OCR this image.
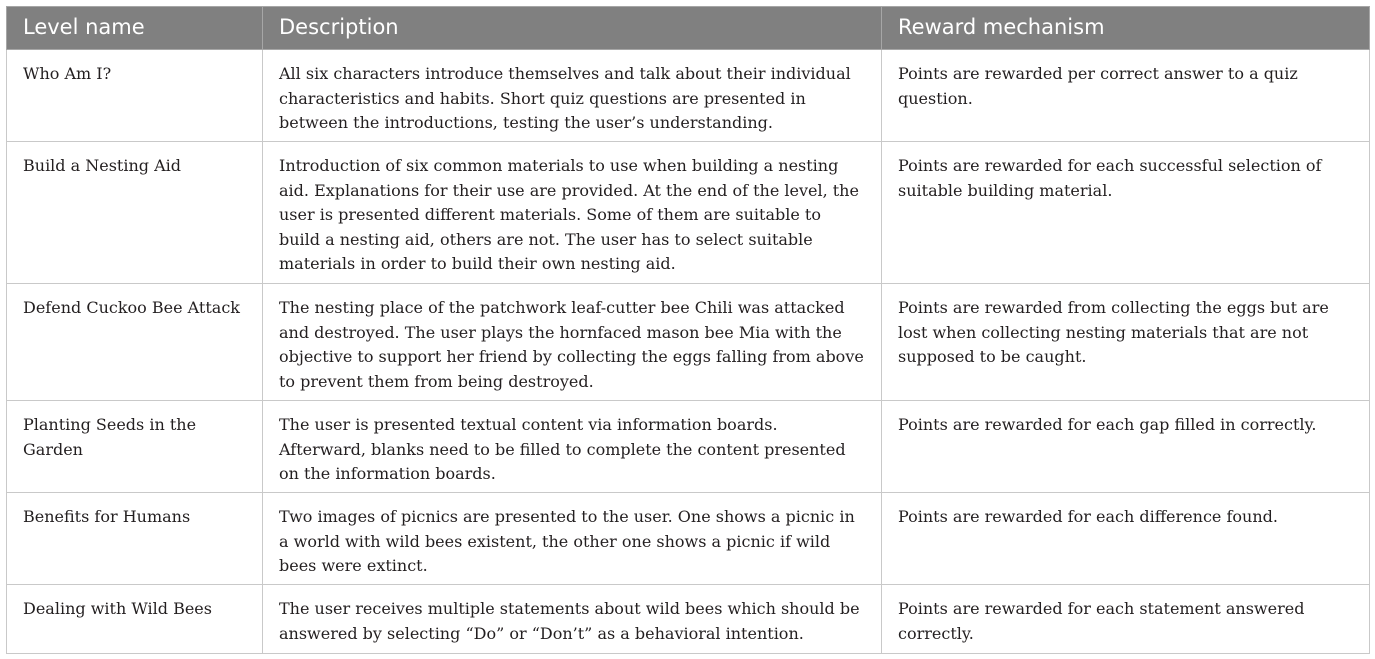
Level name	Description	Reward mechanism
Who Am I?	All six characters introduce themselves and talk about their individual characteristics and habits. Short quiz questions are presented in between the introductions, testing the user’s understanding.	Points are rewarded per correct answer to a quiz question.
Build a Nesting Aid	Introduction of six common materials to use when building a nesting aid. Explanations for their use are provided. At the end of the level, the user is presented different materials. Some of them are suitable to build a nesting aid, others are not. The user has to select suitable materials in order to build their own nesting aid.	Points are rewarded for each successful selection of suitable building material.
Defend Cuckoo Bee Attack	The nesting place of the patchwork leaf-cutter bee Chili was attacked and destroyed. The user plays the hornfaced mason bee Mia with the objective to support her friend by collecting the eggs falling from above to prevent them from being destroyed.	Points are rewarded from collecting the eggs but are lost when collecting nesting materials that are not supposed to be caught.
Planting Seeds in the Garden	The user is presented textual content via information boards. Afterward, blanks need to be filled to complete the content presented on the information boards.	Points are rewarded for each gap filled in correctly.
Benefits for Humans	Two images of picnics are presented to the user. One shows a picnic in a world with wild bees existent, the other one shows a picnic if wild bees were extinct.	Points are rewarded for each difference found.
Dealing with Wild Bees	The user receives multiple statements about wild bees which should be answered by selecting “Do” or “Don’t” as a behavioral intention.	Points are rewarded for each statement answered correctly.
